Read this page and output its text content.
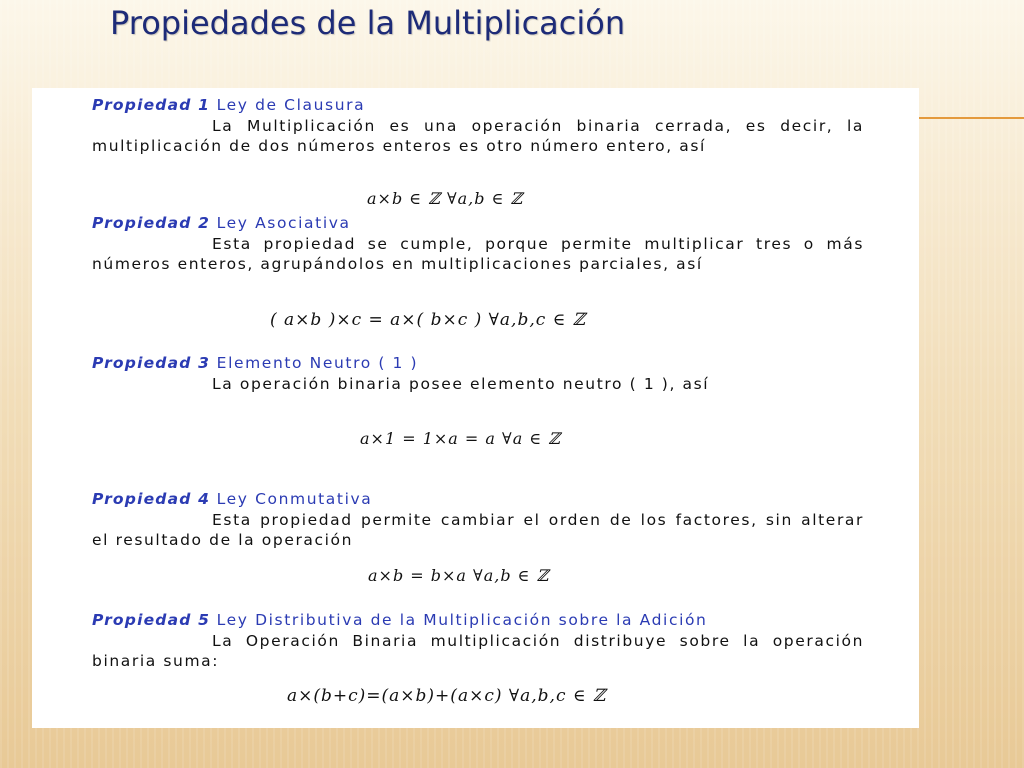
Propiedades de la Multiplicación
Propiedad 1 Ley de Clausura
La Multiplicación es una operación binaria cerrada, es decir, la multiplicación de dos números enteros es otro número entero, así
a×b ∈ ℤ ∀a,b ∈ ℤ
Propiedad 2 Ley Asociativa
Esta propiedad se cumple, porque permite multiplicar tres o más números enteros, agrupándolos en multiplicaciones parciales, así
( a×b )×c = a×( b×c ) ∀a,b,c ∈ ℤ
Propiedad 3 Elemento Neutro ( 1 )
La operación binaria posee elemento neutro ( 1 ), así
a×1 = 1×a = a ∀a ∈ ℤ
Propiedad 4 Ley Conmutativa
Esta propiedad permite cambiar el orden de los factores, sin alterar el resultado de la operación
a×b = b×a ∀a,b ∈ ℤ
Propiedad 5 Ley Distributiva de la Multiplicación sobre la Adición
La Operación Binaria multiplicación distribuye sobre la operación binaria suma:
a×(b+c)=(a×b)+(a×c) ∀a,b,c ∈ ℤ
